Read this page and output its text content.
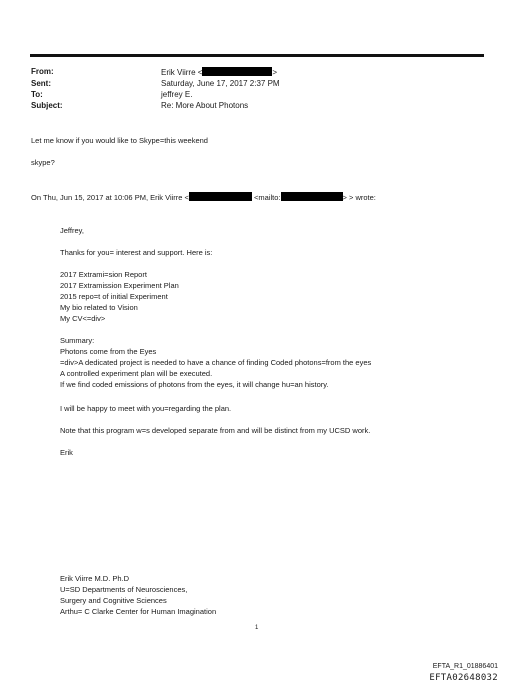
From:	Erik Viirre <	>
Sent:	Saturday, June 17, 2017 2:37 PM
To:	jeffrey E.
Subject:	Re: More About Photons
Let me know if you would like to Skype=this weekend
skype?
On Thu, Jun 15, 2017 at 10:06 PM, Erik Viirre <	<mailto:	> > wrote:
Jeffrey,
Thanks for you= interest and support. Here is:
2017 Extrami=sion Report
2017 Extramission Experiment Plan
2015 repo=t of initial Experiment
My bio related to Vision
My CV<=div>
Summary:
Photons come from the Eyes
=div>A dedicated project is needed to have a chance of finding Coded photons=from the eyes
A controlled experiment plan will be executed.
If we find coded emissions of photons from the eyes, it will change hu=an history.
I will be happy to meet with you=regarding the plan.
Note that this program w=s developed separate from and will be distinct from my UCSD work.
Erik
Erik Viirre M.D. Ph.D
U=SD Departments of Neurosciences,
Surgery and Cognitive Sciences
Arthu= C Clarke Center for Human Imagination
1
EFTA_R1_01886401
EFTA02648032
